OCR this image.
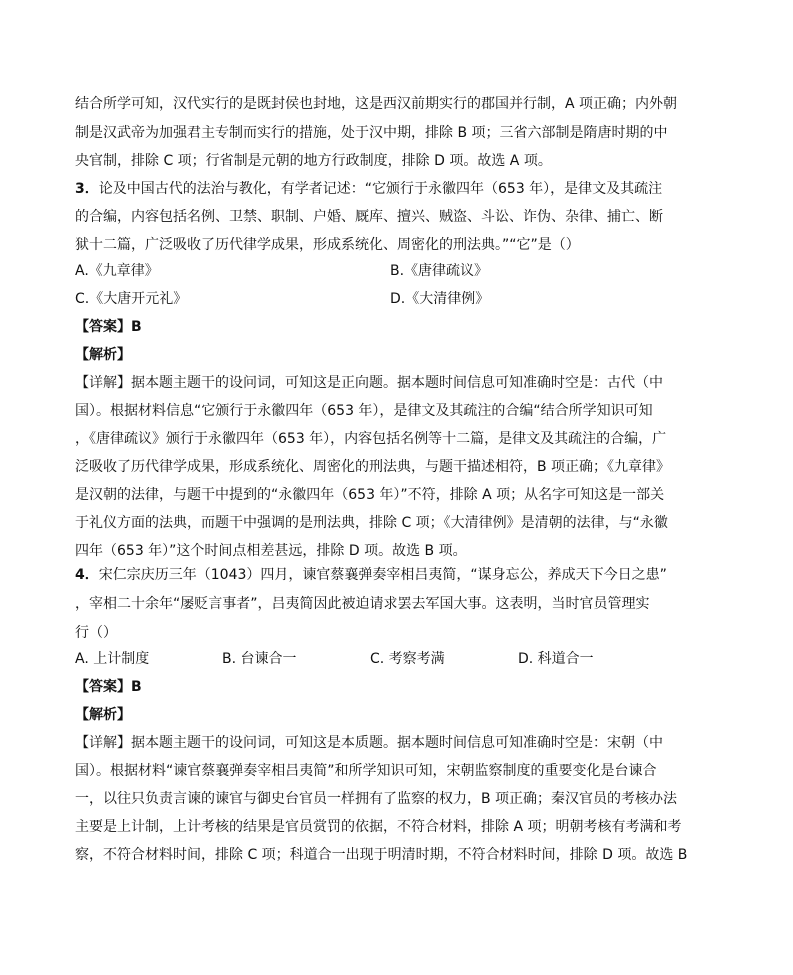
结合所学可知，汉代实行的是既封侯也封地，这是西汉前期实行的郡国并行制，A 项正确；内外朝
制是汉武帝为加强君主专制而实行的措施，处于汉中期，排除 B 项；三省六部制是隋唐时期的中
央官制，排除 C 项；行省制是元朝的地方行政制度，排除 D 项。故选 A 项。
3．论及中国古代的法治与教化，有学者记述：“它颁行于永徽四年（653 年），是律文及其疏注
的合编，内容包括名例、卫禁、职制、户婚、厩库、擅兴、贼盗、斗讼、诈伪、杂律、捕亡、断
狱十二篇，广泛吸收了历代律学成果，形成系统化、周密化的刑法典。”“它”是（）
A.《九章律》	B.《唐律疏议》
C.《大唐开元礼》	D.《大清律例》
【答案】B
【解析】
【详解】据本题主题干的设问词，可知这是正向题。据本题时间信息可知准确时空是：古代（中
国）。根据材料信息“它颁行于永徽四年（653 年），是律文及其疏注的合编“结合所学知识可知
，《唐律疏议》颁行于永徽四年（653 年），内容包括名例等十二篇，是律文及其疏注的合编，广
泛吸收了历代律学成果，形成系统化、周密化的刑法典，与题干描述相符，B 项正确；《九章律》
是汉朝的法律，与题干中提到的“永徽四年（653 年）”不符，排除 A 项；从名字可知这是一部关
于礼仪方面的法典，而题干中强调的是刑法典，排除 C 项；《大清律例》是清朝的法律，与“永徽
四年（653 年）”这个时间点相差甚远，排除 D 项。故选 B 项。
4．宋仁宗庆历三年（1043）四月，谏官蔡襄弹奏宰相吕夷简，“谋身忘公，养成天下今日之患”
，宰相二十余年“屡贬言事者”，吕夷简因此被迫请求罢去军国大事。这表明，当时官员管理实
行（）
A. 上计制度	B. 台谏合一	C. 考察考满	D. 科道合一
【答案】B
【解析】
【详解】据本题主题干的设问词，可知这是本质题。据本题时间信息可知准确时空是：宋朝（中
国）。根据材料“谏官蔡襄弹奏宰相吕夷简”和所学知识可知，宋朝监察制度的重要变化是台谏合
一，以往只负责言谏的谏官与御史台官员一样拥有了监察的权力，B 项正确；秦汉官员的考核办法
主要是上计制，上计考核的结果是官员赏罚的依据，不符合材料，排除 A 项；明朝考核有考满和考
察，不符合材料时间，排除 C 项；科道合一出现于明清时期，不符合材料时间，排除 D 项。故选 B
